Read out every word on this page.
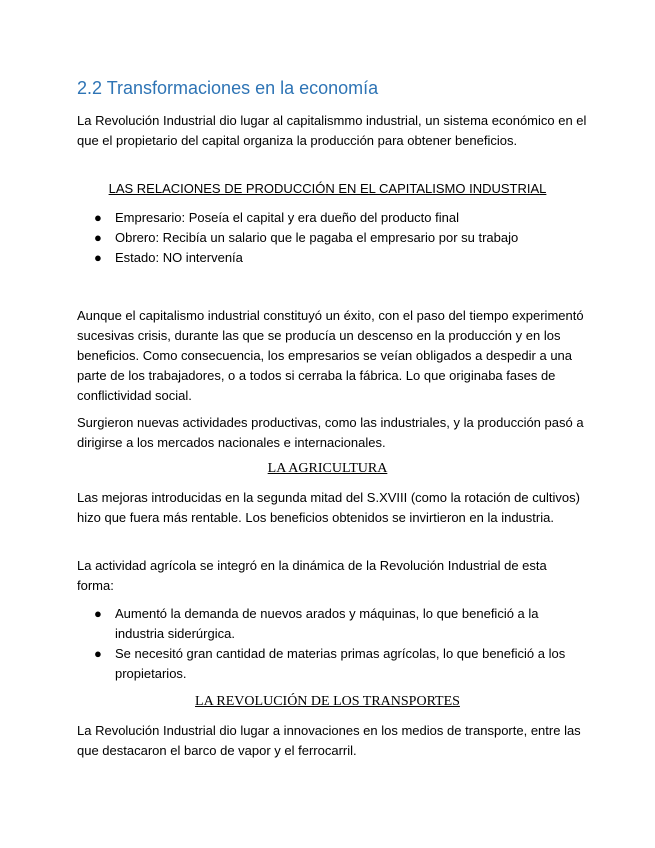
2.2 Transformaciones en la economía

La Revolución Industrial dio lugar al capitalismmo industrial, un sistema económico en el que el propietario del capital organiza la producción para obtener beneficios.

LAS RELACIONES DE PRODUCCIÓN EN EL CAPITALISMO INDUSTRIAL

● Empresario: Poseía el capital y era dueño del producto final
● Obrero: Recibía un salario que le pagaba el empresario por su trabajo
● Estado: NO intervenía

Aunque el capitalismo industrial constituyó un éxito, con el paso del tiempo experimentó sucesivas crisis, durante las que se producía un descenso en la producción y en los beneficios. Como consecuencia, los empresarios se veían obligados a despedir a una parte de los trabajadores, o a todos si cerraba la fábrica. Lo que originaba fases de conflictividad social.

Surgieron nuevas actividades productivas, como las industriales, y la producción pasó a dirigirse a los mercados nacionales e internacionales.

LA AGRICULTURA

Las mejoras introducidas en la segunda mitad del S.XVIII (como la rotación de cultivos) hizo que fuera más rentable. Los beneficios obtenidos se invirtieron en la industria.

La actividad agrícola se integró en la dinámica de la Revolución Industrial de esta forma:

● Aumentó la demanda de nuevos arados y máquinas, lo que benefició a la industria siderúrgica.
● Se necesitó gran cantidad de materias primas agrícolas, lo que benefició a los propietarios.

LA REVOLUCIÓN DE LOS TRANSPORTES

La Revolución Industrial dio lugar a innovaciones en los medios de transporte, entre las que destacaron el barco de vapor y el ferrocarril.
